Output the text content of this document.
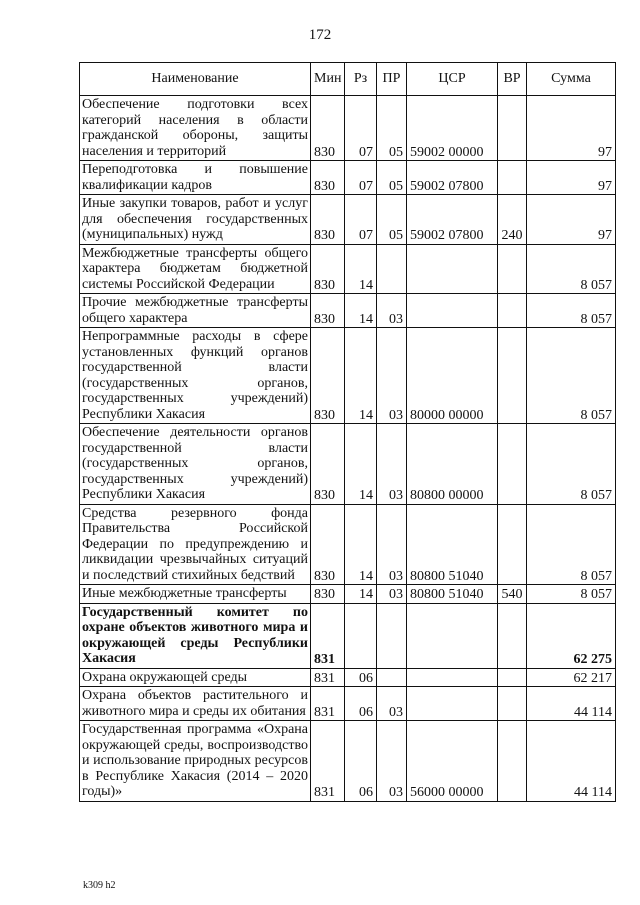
172
Наименование	Мин	Рз	ПР	ЦСР	ВР	Сумма
Обеспечение подготовки всех категорий населения в области гражданской обороны, защиты населения и территорий	830	07	05	59002 00000		97
Переподготовка и повышение квалификации кадров	830	07	05	59002 07800		97
Иные закупки товаров, работ и услуг для обеспечения государственных (муниципальных) нужд	830	07	05	59002 07800	240	97
Межбюджетные трансферты общего характера бюджетам бюджетной системы Российской Федерации	830	14				8 057
Прочие межбюджетные трансферты общего характера	830	14	03			8 057
Непрограммные расходы в сфере установленных функций органов государственной власти (государственных органов, государственных учреждений) Республики Хакасия	830	14	03	80000 00000		8 057
Обеспечение деятельности органов государственной власти (государственных органов, государственных учреждений) Республики Хакасия	830	14	03	80800 00000		8 057
Средства резервного фонда Правительства Российской Федерации по предупреждению и ликвидации чрезвычайных ситуаций и последствий стихийных бедствий	830	14	03	80800 51040		8 057
Иные межбюджетные трансферты	830	14	03	80800 51040	540	8 057
Государственный комитет по охране объектов животного мира и окружающей среды Республики Хакасия	831					62 275
Охрана окружающей среды	831	06				62 217
Охрана объектов растительного и животного мира и среды их обитания	831	06	03			44 114
Государственная программа «Охрана окружающей среды, воспроизводство и использование природных ресурсов в Республике Хакасия (2014 – 2020 годы)»	831	06	03	56000 00000		44 114
k309 h2
